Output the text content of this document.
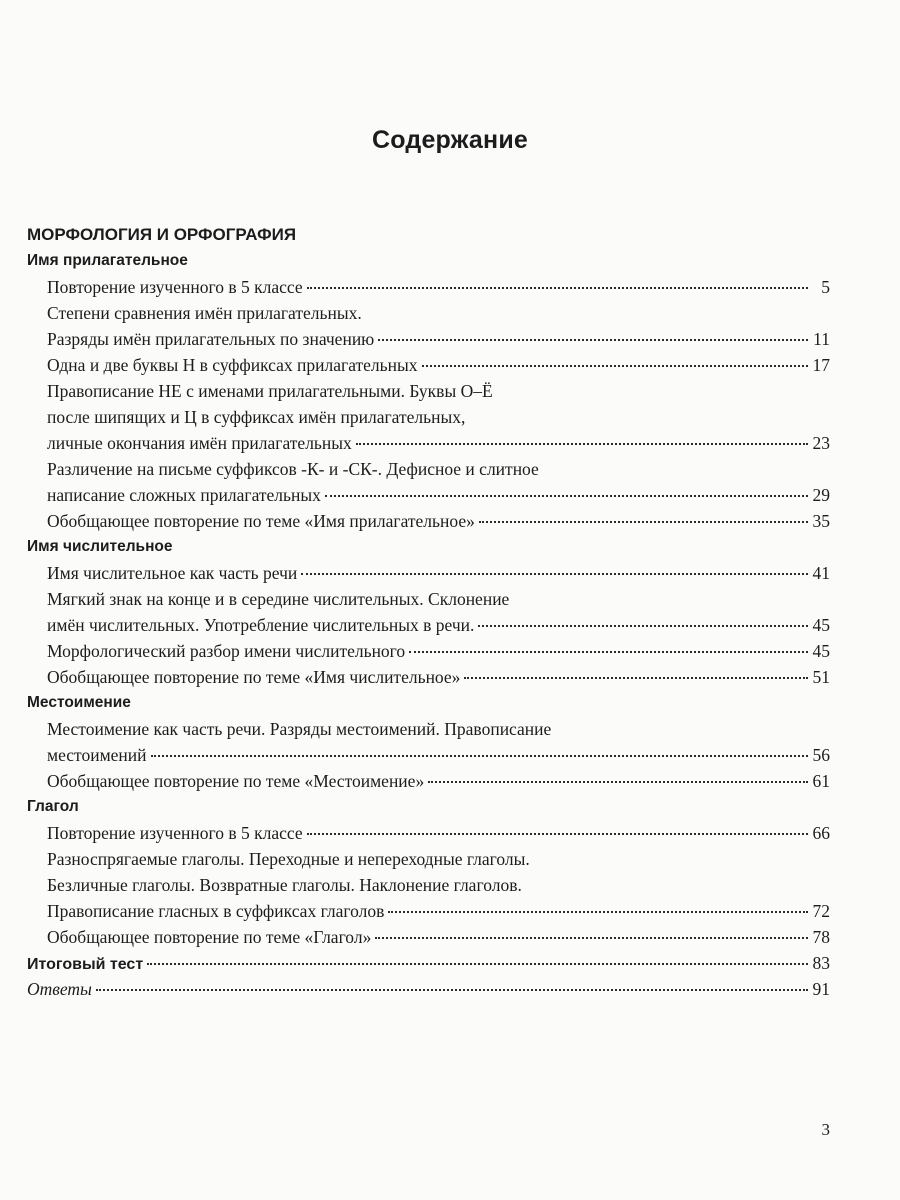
Содержание
МОРФОЛОГИЯ И ОРФОГРАФИЯ
Имя прилагательное
Повторение изученного в 5 классе	5
Степени сравнения имён прилагательных.
Разряды имён прилагательных по значению	11
Одна и две буквы Н в суффиксах прилагательных	17
Правописание НЕ с именами прилагательными. Буквы О–Ё
после шипящих и Ц в суффиксах имён прилагательных,
личные окончания имён прилагательных	23
Различение на письме суффиксов -К- и -СК-. Дефисное и слитное
написание сложных прилагательных	29
Обобщающее повторение по теме «Имя прилагательное»	35
Имя числительное
Имя числительное как часть речи	41
Мягкий знак на конце и в середине числительных. Склонение
имён числительных. Употребление числительных в речи.	45
Морфологический разбор имени числительного	45
Обобщающее повторение по теме «Имя числительное»	51
Местоимение
Местоимение как часть речи. Разряды местоимений. Правописание
местоимений	56
Обобщающее повторение по теме «Местоимение»	61
Глагол
Повторение изученного в 5 классе	66
Разноспрягаемые глаголы. Переходные и непереходные глаголы.
Безличные глаголы. Возвратные глаголы. Наклонение глаголов.
Правописание гласных в суффиксах глаголов	72
Обобщающее повторение по теме «Глагол»	78
Итоговый тест	83
Ответы	91
3
